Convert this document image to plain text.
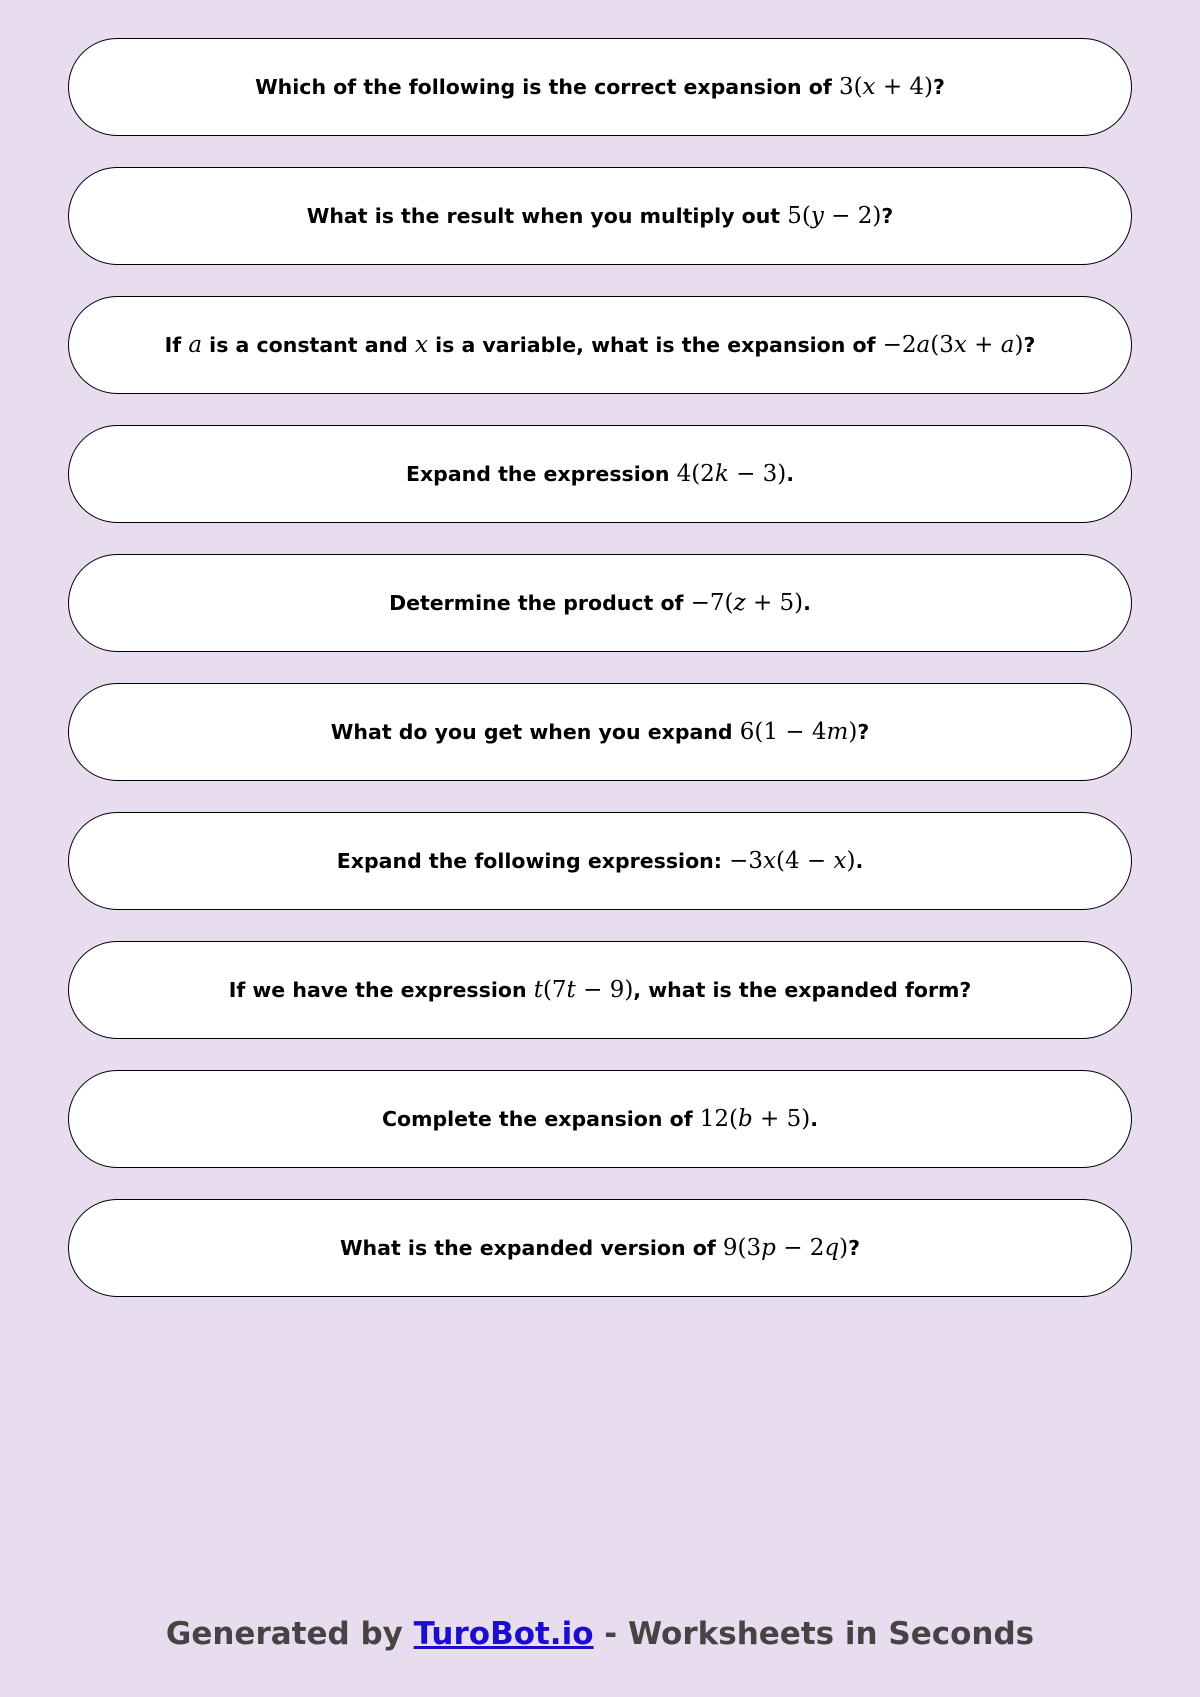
Which of the following is the correct expansion of 3(x + 4)?
What is the result when you multiply out 5(y − 2)?
If a is a constant and x is a variable, what is the expansion of −2a(3x + a)?
Expand the expression 4(2k − 3).
Determine the product of −7(z + 5).
What do you get when you expand 6(1 − 4m)?
Expand the following expression: −3x(4 − x).
If we have the expression t(7t − 9), what is the expanded form?
Complete the expansion of 12(b + 5).
What is the expanded version of 9(3p − 2q)?
Generated by TuroBot.io - Worksheets in Seconds
